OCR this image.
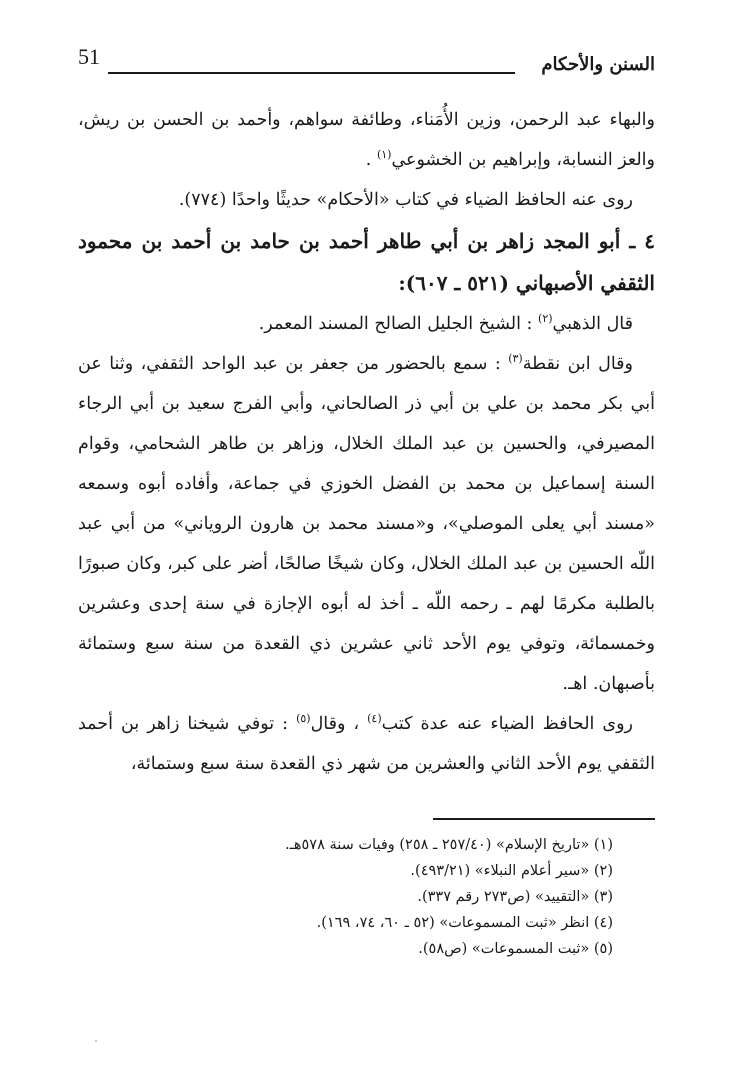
51	السنن والأحكام

والبهاء عبد الرحمن، وزين الأُمَناء، وطائفة سواهم، وأحمد بن الحسن بن ريش، والعز النسابة، وإبراهيم بن الخشوعي$^{(١)}$ .

روى عنه الحافظ الضياء في كتاب «الأحكام» حديثًا واحدًا (٧٧٤).

٤ ـ أبو المجد زاهر بن أبي طاهر أحمد بن حامد بن أحمد بن محمود الثقفي الأصبهاني (٥٢١ ـ ٦٠٧):

قال الذهبي$^{(٢)}$ : الشيخ الجليل الصالح المسند المعمر.

وقال ابن نقطة$^{(٣)}$ : سمع بالحضور من جعفر بن عبد الواحد الثقفي، وثنا عن أبي بكر محمد بن علي بن أبي ذر الصالحاني، وأبي الفرج سعيد بن أبي الرجاء المصيرفي، والحسين بن عبد الملك الخلال، وزاهر بن طاهر الشحامي، وقوام السنة إسماعيل بن محمد بن الفضل الخوزي في جماعة، وأفاده أبوه وسمعه «مسند أبي يعلى الموصلي»، و«مسند محمد بن هارون الروياني» من أبي عبد اللّه الحسين بن عبد الملك الخلال، وكان شيخًا صالحًا، أضر على كبر، وكان صبورًا بالطلبة مكرمًا لهم ـ رحمه اللّه ـ أخذ له أبوه الإجازة في سنة إحدى وعشرين وخمسمائة، وتوفي يوم الأحد ثاني عشرين ذي القعدة من سنة سبع وستمائة بأصبهان. اهـ.

روى الحافظ الضياء عنه عدة كتب$^{(٤)}$ ، وقال$^{(٥)}$ : توفي شيخنا زاهر بن أحمد الثقفي يوم الأحد الثاني والعشرين من شهر ذي القعدة سنة سبع وستمائة،

(١) «تاريخ الإسلام» (٢٥٧/٤٠ ـ ٢٥٨) وفيات سنة ٥٧٨هـ.

(٢) «سير أعلام النبلاء» (٤٩٣/٢١).

(٣) «التقييد» (ص٢٧٣ رقم ٣٣٧).

(٤) انظر «ثبت المسموعات» (٥٢ ـ ٦٠، ٧٤، ١٦٩).

(٥) «ثبت المسموعات» (ص٥٨).
